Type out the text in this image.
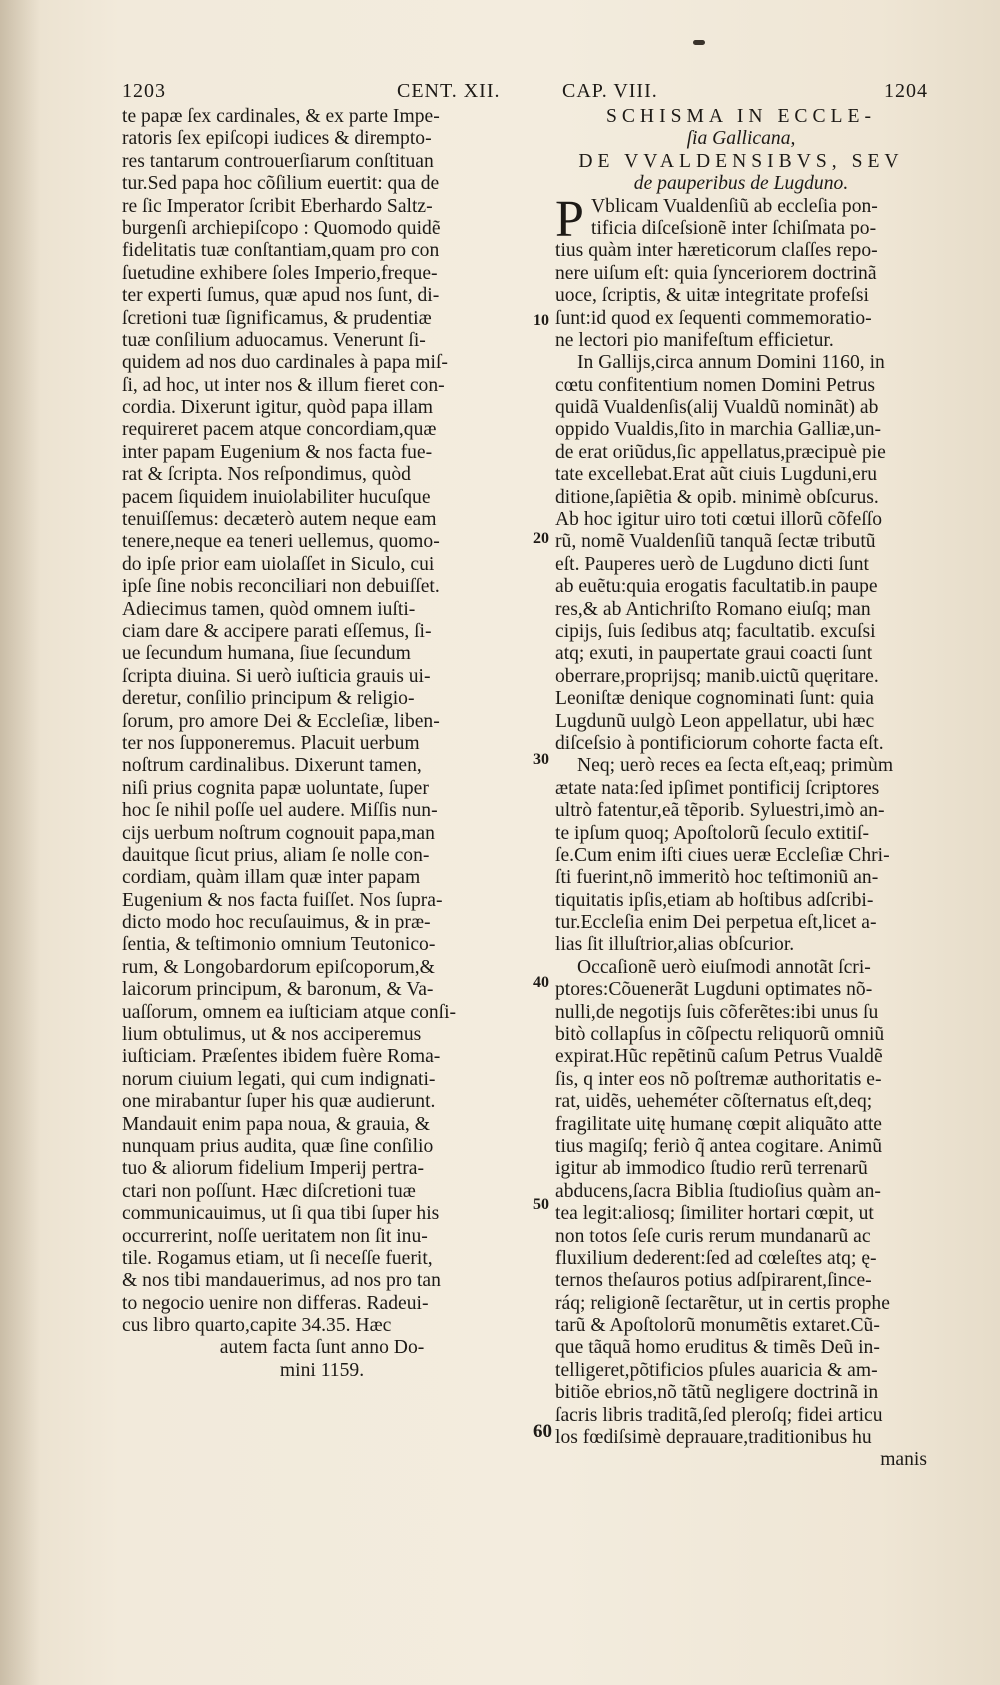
1203	CENT. XII.	CAP. VIII.	1204
te papæ ſex cardinales, & ex parte Impe-
ratoris ſex epiſcopi iudices & dirempto-
res tantarum controuerſiarum conſtituan
tur.Sed papa hoc cõſilium euertit: qua de
re ſic Imperator ſcribit Eberhardo Saltz-
burgenſi archiepiſcopo : Quomodo quidẽ
fidelitatis tuæ conſtantiam,quam pro con
ſuetudine exhibere ſoles Imperio,freque-
ter experti ſumus, quæ apud nos ſunt, di-
ſcretioni tuæ ſignificamus, & prudentiæ
tuæ conſilium aduocamus. Venerunt ſi-
quidem ad nos duo cardinales à papa miſ-
ſi, ad hoc, ut inter nos & illum fieret con-
cordia. Dixerunt igitur, quòd papa illam
requireret pacem atque concordiam,quæ
inter papam Eugenium & nos facta fue-
rat & ſcripta. Nos reſpondimus, quòd
pacem ſiquidem inuiolabiliter hucuſque
tenuiſſemus: decæterò autem neque eam
tenere,neque ea teneri uellemus, quomo-
do ipſe prior eam uiolaſſet in Siculo, cui
ipſe ſine nobis reconciliari non debuiſſet.
Adiecimus tamen, quòd omnem iuſti-
ciam dare & accipere parati eſſemus, ſi-
ue ſecundum humana, ſiue ſecundum
ſcripta diuina. Si uerò iuſticia grauis ui-
deretur, conſilio principum & religio-
ſorum, pro amore Dei & Eccleſiæ, liben-
ter nos ſupponeremus. Placuit uerbum
noſtrum cardinalibus. Dixerunt tamen,
niſi prius cognita papæ uoluntate, ſuper
hoc ſe nihil poſſe uel audere. Miſſis nun-
cijs uerbum noſtrum cognouit papa,man
dauitque ſicut prius, aliam ſe nolle con-
cordiam, quàm illam quæ inter papam
Eugenium & nos facta fuiſſet. Nos ſupra-
dicto modo hoc recuſauimus, & in præ-
ſentia, & teſtimonio omnium Teutonico-
rum, & Longobardorum epiſcoporum,&
laicorum principum, & baronum, & Va-
uaſſorum, omnem ea iuſticiam atque conſi-
lium obtulimus, ut & nos acciperemus
iuſticiam. Præſentes ibidem fuère Roma-
norum ciuium legati, qui cum indignati-
one mirabantur ſuper his quæ audierunt.
Mandauit enim papa noua, & grauia, &
nunquam prius audita, quæ ſine conſilio
tuo & aliorum fidelium Imperij pertra-
ctari non poſſunt. Hæc diſcretioni tuæ
communicauimus, ut ſi qua tibi ſuper his
occurrerint, noſſe ueritatem non ſit inu-
tile. Rogamus etiam, ut ſi neceſſe fuerit,
& nos tibi mandauerimus, ad nos pro tan
to negocio uenire non differas. Radeui-
cus libro quarto,capite 34.35. Hæc
autem facta ſunt anno Do-
mini 1159.
SCHISMA IN ECCLE-
ſia Gallicana,
DE VVALDENSIBVS, SEV
de pauperibus de Lugduno.
P Vblicam Vualdenſiũ ab eccleſia pon-
tificia diſceſsionẽ inter ſchiſmata po-
tius quàm inter hæreticorum claſſes repo-
nere uiſum eſt: quia ſynceriorem doctrinã
uoce, ſcriptis, & uitæ integritate profeſsi
ſunt:id quod ex ſequenti commemoratio-
ne lectori pio manifeſtum efficietur.
In Gallijs,circa annum Domini 1160, in
cœtu confitentium nomen Domini Petrus
quidã Vualdenſis(alij Vualdũ nominãt) ab
oppido Vualdis,ſito in marchia Galliæ,un-
de erat oriũdus,ſic appellatus,præcipuè pie
tate excellebat.Erat aũt ciuis Lugduni,eru
ditione,ſapiẽtia & opib. minimè obſcurus.
Ab hoc igitur uiro toti cœtui illorũ cõfeſſo
rũ, nomẽ Vualdenſiũ tanquã ſectæ tributũ
eſt. Pauperes uerò de Lugduno dicti ſunt
ab euẽtu:quia erogatis facultatib.in paupe
res,& ab Antichriſto Romano eiuſq; man
cipijs, ſuis ſedibus atq; facultatib. excuſsi
atq; exuti, in paupertate graui coacti ſunt
oberrare,proprijsq; manib.uictũ quęritare.
Leoniſtæ denique cognominati ſunt: quia
Lugdunũ uulgò Leon appellatur, ubi hæc
diſceſsio à pontificiorum cohorte facta eſt.
Neq; uerò reces ea ſecta eſt,eaq; primùm
ætate nata:ſed ipſimet pontificij ſcriptores
ultrò fatentur,eã tẽporib. Syluestri,imò an-
te ipſum quoq; Apoſtolorũ ſeculo extitiſ-
ſe.Cum enim iſti ciues ueræ Eccleſiæ Chri-
ſti fuerint,nõ immeritò hoc teſtimoniũ an-
tiquitatis ipſis,etiam ab hoſtibus adſcribi-
tur.Eccleſia enim Dei perpetua eſt,licet a-
lias ſit illuſtrior,alias obſcurior.
Occaſionẽ uerò eiuſmodi annotãt ſcri-
ptores:Cõuenerãt Lugduni optimates nõ-
nulli,de negotijs ſuis cõferẽtes:ibi unus ſu
bitò collapſus in cõſpectu reliquorũ omniũ
expirat.Hũc repẽtinũ caſum Petrus Vualdẽ
ſis, q inter eos nõ poſtremæ authoritatis e-
rat, uidẽs, ueheméter cõſternatus eſt,deq;
fragilitate uitę humanę cœpit aliquãto atte
tius magiſq; feriò q̃ antea cogitare. Animũ
igitur ab immodico ſtudio rerũ terrenarũ
abducens,ſacra Biblia ſtudioſius quàm an-
tea legit:aliosq; ſimiliter hortari cœpit, ut
non totos ſeſe curis rerum mundanarũ ac
fluxilium dederent:ſed ad cœleſtes atq; ę-
ternos theſauros potius adſpirarent,ſince-
ráq; religionẽ ſectarẽtur, ut in certis prophe
tarũ & Apoſtolorũ monumẽtis extaret.Cũ-
que tãquã homo eruditus & timẽs Deũ in-
telligeret,põtificios pſules auaricia & am-
bitiõe ebrios,nõ tãtũ negligere doctrinã in
ſacris libris traditã,ſed pleroſq; fidei articu
los fœdiſsimè deprauare,traditionibus hu
manis
10
20
30
40
50
60
